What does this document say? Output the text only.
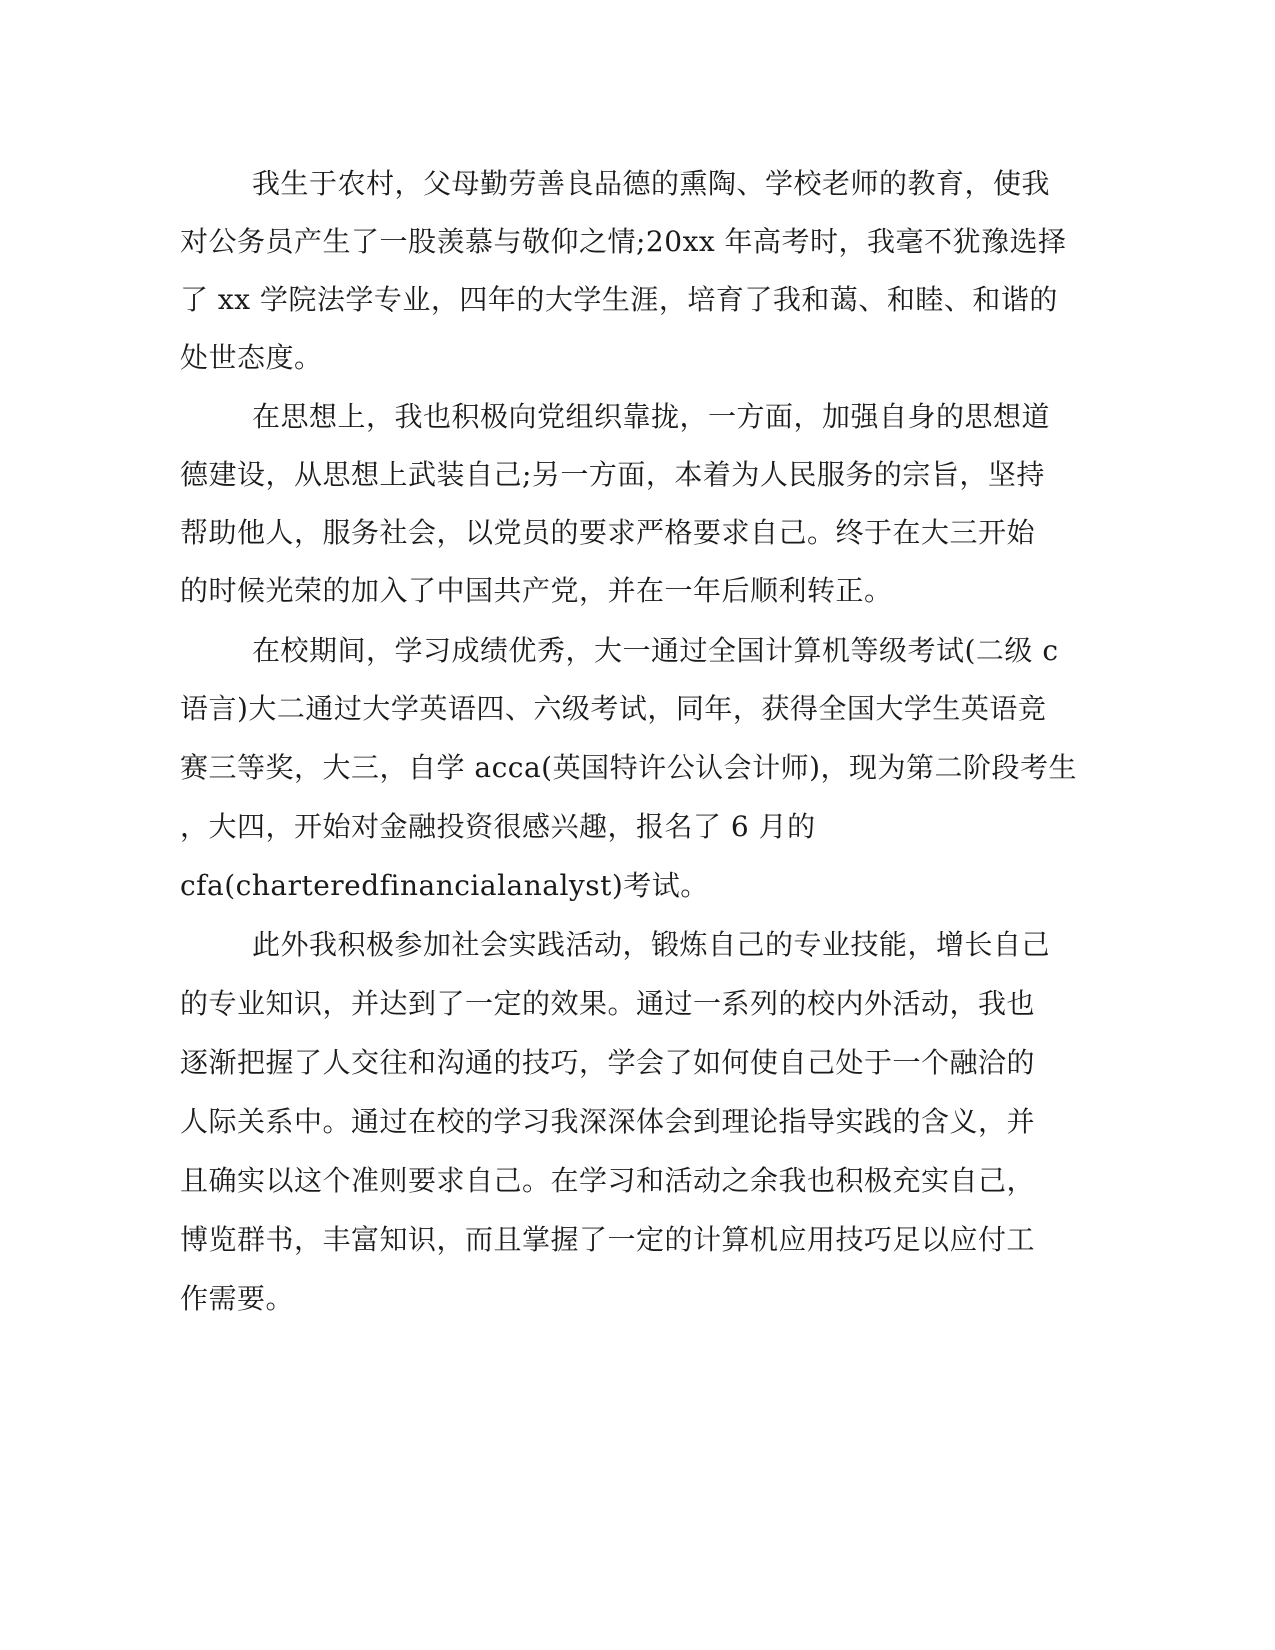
我生于农村，父母勤劳善良品德的熏陶、学校老师的教育，使我
对公务员产生了一股羡慕与敬仰之情;20xx 年高考时，我毫不犹豫选择
了 xx 学院法学专业，四年的大学生涯，培育了我和蔼、和睦、和谐的
处世态度。
在思想上，我也积极向党组织靠拢，一方面，加强自身的思想道
德建设，从思想上武装自己;另一方面，本着为人民服务的宗旨，坚持
帮助他人，服务社会，以党员的要求严格要求自己。终于在大三开始
的时候光荣的加入了中国共产党，并在一年后顺利转正。
在校期间，学习成绩优秀，大一通过全国计算机等级考试(二级 c
语言)大二通过大学英语四、六级考试，同年，获得全国大学生英语竞
赛三等奖，大三，自学 acca(英国特许公认会计师)，现为第二阶段考生
，大四，开始对金融投资很感兴趣，报名了 6 月的
cfa(charteredfinancialanalyst)考试。
此外我积极参加社会实践活动，锻炼自己的专业技能，增长自己
的专业知识，并达到了一定的效果。通过一系列的校内外活动，我也
逐渐把握了人交往和沟通的技巧，学会了如何使自己处于一个融洽的
人际关系中。通过在校的学习我深深体会到理论指导实践的含义，并
且确实以这个准则要求自己。在学习和活动之余我也积极充实自己，
博览群书，丰富知识，而且掌握了一定的计算机应用技巧足以应付工
作需要。
